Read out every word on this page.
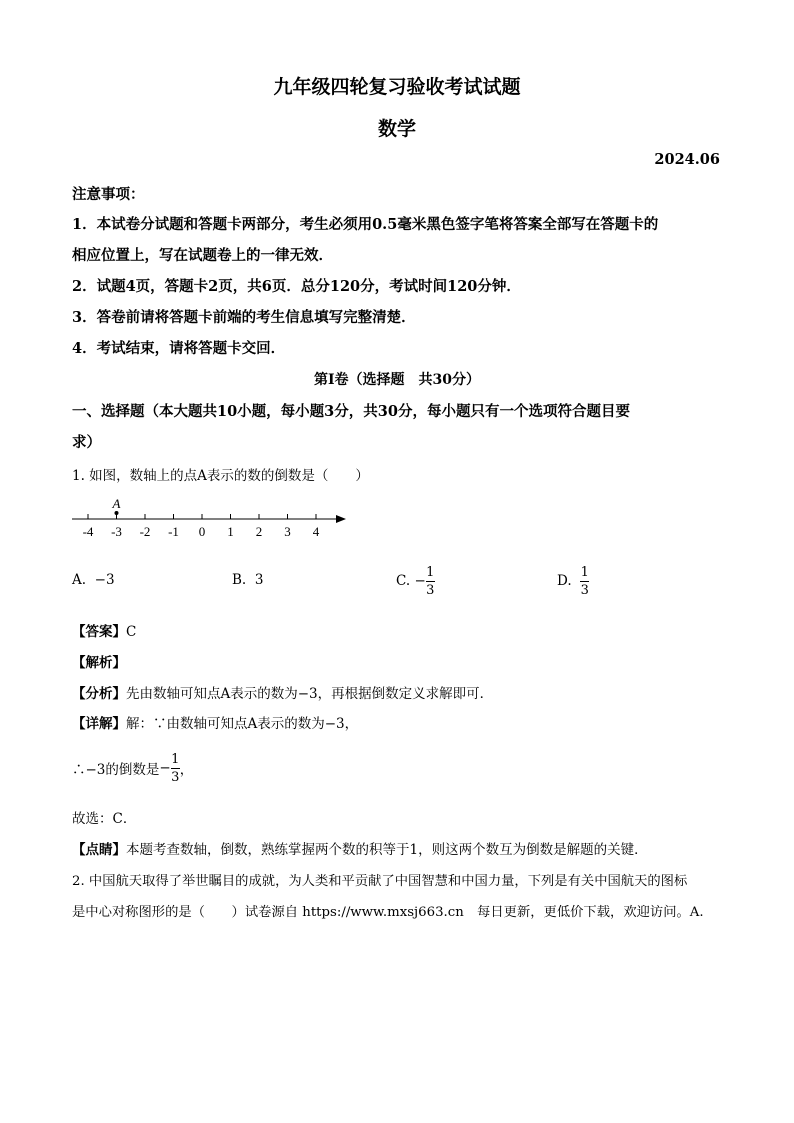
九年级四轮复习验收考试试题
数学
2024.06
注意事项：
1．本试卷分试题和答题卡两部分，考生必须用0.5毫米黑色签字笔将答案全部写在答题卡的
相应位置上，写在试题卷上的一律无效．
2．试题4页，答题卡2页，共6页．总分120分，考试时间120分钟．
3．答卷前请将答题卡前端的考生信息填写完整清楚．
4．考试结束，请将答题卡交回．
第Ⅰ卷（选择题　共30分）
一、选择题（本大题共10小题，每小题3分，共30分，每小题只有一个选项符合题目要
求）
1. 如图，数轴上的点A表示的数的倒数是（　　）
-4 -3 -2 -1 0 1 2 3 4
A
A. −3	B. 3	C.
− $\frac{1}{3}$	D.
$\frac{1}{3}$
【答案】C
【解析】
【分析】先由数轴可知点A表示的数为−3，再根据倒数定义求解即可．
【详解】解：∵由数轴可知点A表示的数为−3，
∴−3的倒数是 − $\frac{1}{3}$ ，
故选：C．
【点睛】本题考查数轴，倒数，熟练掌握两个数的积等于1，则这两个数互为倒数是解题的关键．
2. 中国航天取得了举世瞩目的成就，为人类和平贡献了中国智慧和中国力量，下列是有关中国航天的图标
是中心对称图形的是（　　）试卷源自 https://www.mxsj663.cn　每日更新，更低价下载，欢迎访问。A.
